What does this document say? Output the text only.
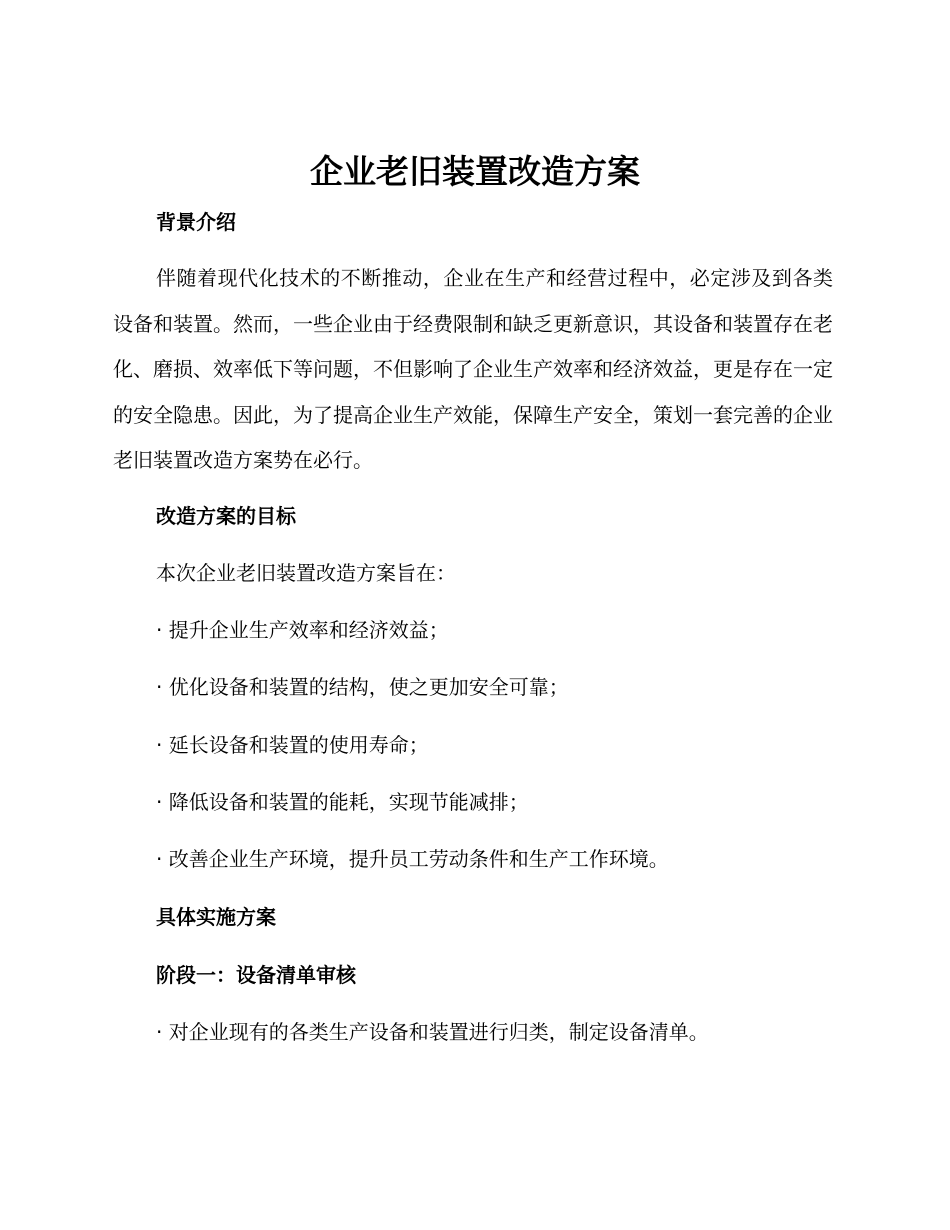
企业老旧装置改造方案
背景介绍

伴随着现代化技术的不断推动，企业在生产和经营过程中，必定涉及到各类设备和装置。然而，一些企业由于经费限制和缺乏更新意识，其设备和装置存在老化、磨损、效率低下等问题，不但影响了企业生产效率和经济效益，更是存在一定的安全隐患。因此，为了提高企业生产效能，保障生产安全，策划一套完善的企业老旧装置改造方案势在必行。

改造方案的目标

本次企业老旧装置改造方案旨在：

· 提升企业生产效率和经济效益；

· 优化设备和装置的结构，使之更加安全可靠；

· 延长设备和装置的使用寿命；

· 降低设备和装置的能耗，实现节能减排；

· 改善企业生产环境，提升员工劳动条件和生产工作环境。

具体实施方案
阶段一：设备清单审核

· 对企业现有的各类生产设备和装置进行归类，制定设备清单。
